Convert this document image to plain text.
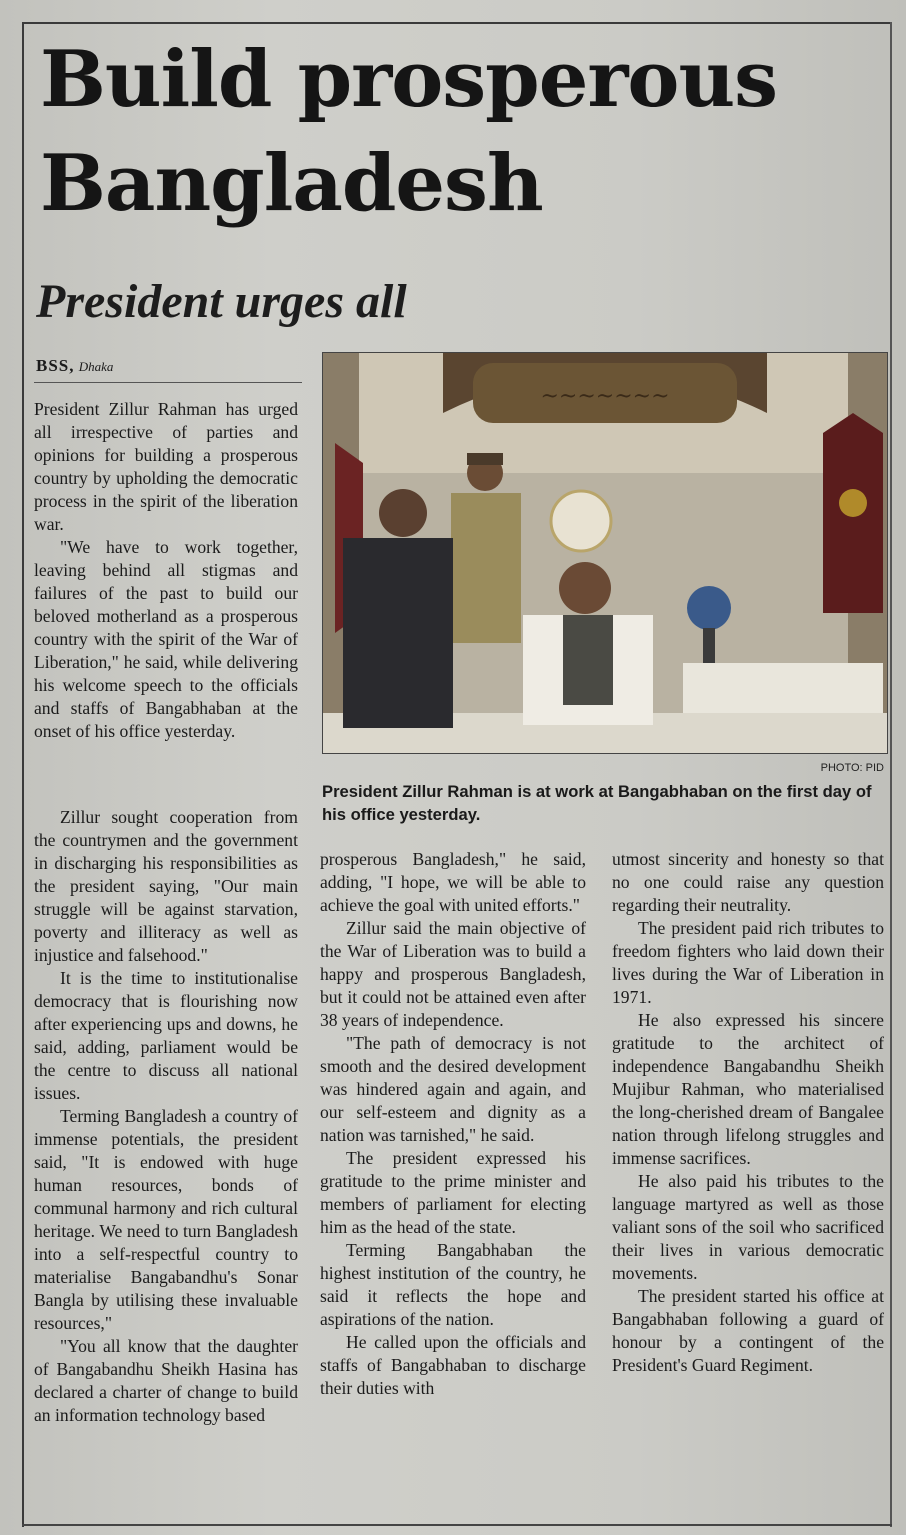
Build prosperous Bangladesh
President urges all
BSS, Dhaka

President Zillur Rahman has urged all irrespective of parties and opinions for building a prosperous country by upholding the democratic process in the spirit of the liberation war.

"We have to work together, leaving behind all stigmas and failures of the past to build our beloved motherland as a prosperous country with the spirit of the War of Liberation," he said, while delivering his welcome speech to the officials and staffs of Bangabhaban at the onset of his office yesterday.

Zillur sought cooperation from the countrymen and the government in discharging his responsibilities as the president saying, "Our main struggle will be against starvation, poverty and illiteracy as well as injustice and falsehood."

It is the time to institutionalise democracy that is flourishing now after experiencing ups and downs, he said, adding, parliament would be the centre to discuss all national issues.

Terming Bangladesh a country of immense potentials, the president said, "It is endowed with huge human resources, bonds of communal harmony and rich cultural heritage. We need to turn Bangladesh into a self-respectful country to materialise Bangabandhu's Sonar Bangla by utilising these invaluable resources,"

"You all know that the daughter of Bangabandhu Sheikh Hasina has declared a charter of change to build an information technology based

~~~~~~~
PHOTO: PID
President Zillur Rahman is at work at Bangabhaban on the first day of his office yesterday.

prosperous Bangladesh," he said, adding, "I hope, we will be able to achieve the goal with united efforts."

Zillur said the main objective of the War of Liberation was to build a happy and prosperous Bangladesh, but it could not be attained even after 38 years of independence.

"The path of democracy is not smooth and the desired development was hindered again and again, and our self-esteem and dignity as a nation was tarnished," he said.

The president expressed his gratitude to the prime minister and members of parliament for electing him as the head of the state.

Terming Bangabhaban the highest institution of the country, he said it reflects the hope and aspirations of the nation.

He called upon the officials and staffs of Bangabhaban to discharge their duties with

utmost sincerity and honesty so that no one could raise any question regarding their neutrality.

The president paid rich tributes to freedom fighters who laid down their lives during the War of Liberation in 1971.

He also expressed his sincere gratitude to the architect of independence Bangabandhu Sheikh Mujibur Rahman, who materialised the long-cherished dream of Bangalee nation through lifelong struggles and immense sacrifices.

He also paid his tributes to the language martyred as well as those valiant sons of the soil who sacrificed their lives in various democratic movements.

The president started his office at Bangabhaban following a guard of honour by a contingent of the President's Guard Regiment.
